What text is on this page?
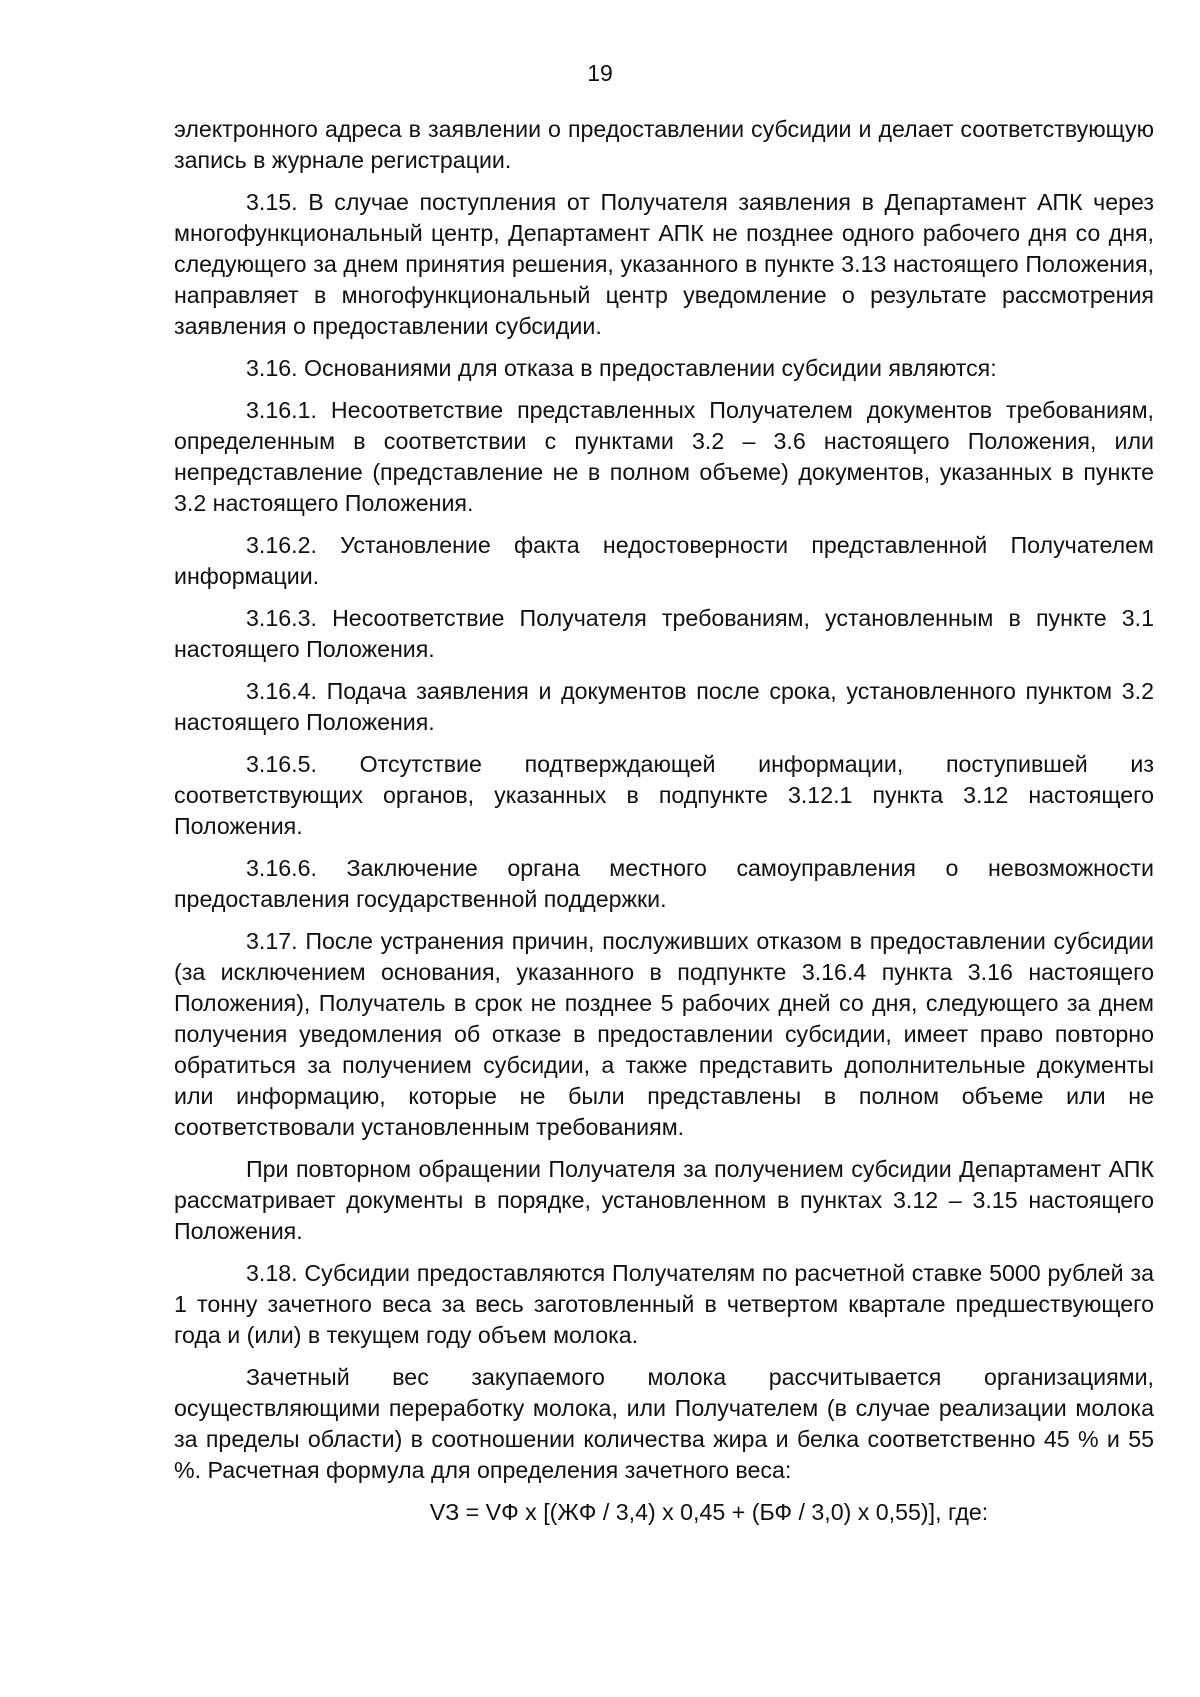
19

электронного адреса в заявлении о предоставлении субсидии и делает соответствующую запись в журнале регистрации.

3.15. В случае поступления от Получателя заявления в Департамент АПК через многофункциональный центр, Департамент АПК не позднее одного рабочего дня со дня, следующего за днем принятия решения, указанного в пункте 3.13 настоящего Положения, направляет в многофункциональный центр уведомление о результате рассмотрения заявления о предоставлении субсидии.

3.16. Основаниями для отказа в предоставлении субсидии являются:

3.16.1. Несоответствие представленных Получателем документов требованиям, определенным в соответствии с пунктами 3.2 – 3.6 настоящего Положения, или непредставление (представление не в полном объеме) документов, указанных в пункте 3.2 настоящего Положения.

3.16.2. Установление факта недостоверности представленной Получателем информации.

3.16.3. Несоответствие Получателя требованиям, установленным в пункте 3.1 настоящего Положения.

3.16.4. Подача заявления и документов после срока, установленного пунктом 3.2 настоящего Положения.

3.16.5. Отсутствие подтверждающей информации, поступившей из соответствующих органов, указанных в подпункте 3.12.1 пункта 3.12 настоящего Положения.

3.16.6. Заключение органа местного самоуправления о невозможности предоставления государственной поддержки.

3.17. После устранения причин, послуживших отказом в предоставлении субсидии (за исключением основания, указанного в подпункте 3.16.4 пункта 3.16 настоящего Положения), Получатель в срок не позднее 5 рабочих дней со дня, следующего за днем получения уведомления об отказе в предоставлении субсидии, имеет право повторно обратиться за получением субсидии, а также представить дополнительные документы или информацию, которые не были представлены в полном объеме или не соответствовали установленным требованиям.

При повторном обращении Получателя за получением субсидии Департамент АПК рассматривает документы в порядке, установленном в пунктах 3.12 – 3.15 настоящего Положения.

3.18. Субсидии предоставляются Получателям по расчетной ставке 5000 рублей за 1 тонну зачетного веса за весь заготовленный в четвертом квартале предшествующего года и (или) в текущем году объем молока.

Зачетный вес закупаемого молока рассчитывается организациями, осуществляющими переработку молока, или Получателем (в случае реализации молока за пределы области) в соотношении количества жира и белка соответственно 45 % и 55 %. Расчетная формула для определения зачетного веса:

VЗ = VФ х [(ЖФ / 3,4) х 0,45 + (БФ / 3,0) х 0,55)], где:
